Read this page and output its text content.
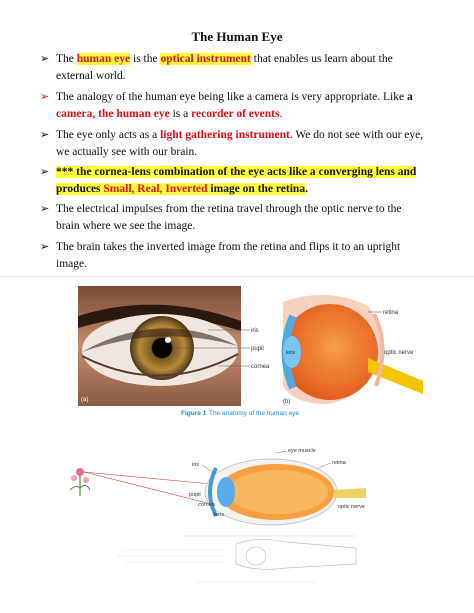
The Human Eye
➢ The human eye is the optical instrument that enables us learn about the external world.
➢ The analogy of the human eye being like a camera is very appropriate. Like a camera, the human eye is a recorder of events.
➢ The eye only acts as a light gathering instrument. We do not see with our eye, we actually see with our brain.
➢ *** the cornea-lens combination of the eye acts like a converging lens and produces Small, Real, Inverted image on the retina.
➢ The electrical impulses from the retina travel through the optic nerve to the brain where we see the image.
➢ The brain takes the inverted image from the retina and flips it to an upright image.
(a)
iris
pupil
cornea
lens
retina
optic nerve
(b)
Figure 1 The anatomy of the human eye
eye muscle
retina
iris
pupil
cornea
lens
optic nerve
